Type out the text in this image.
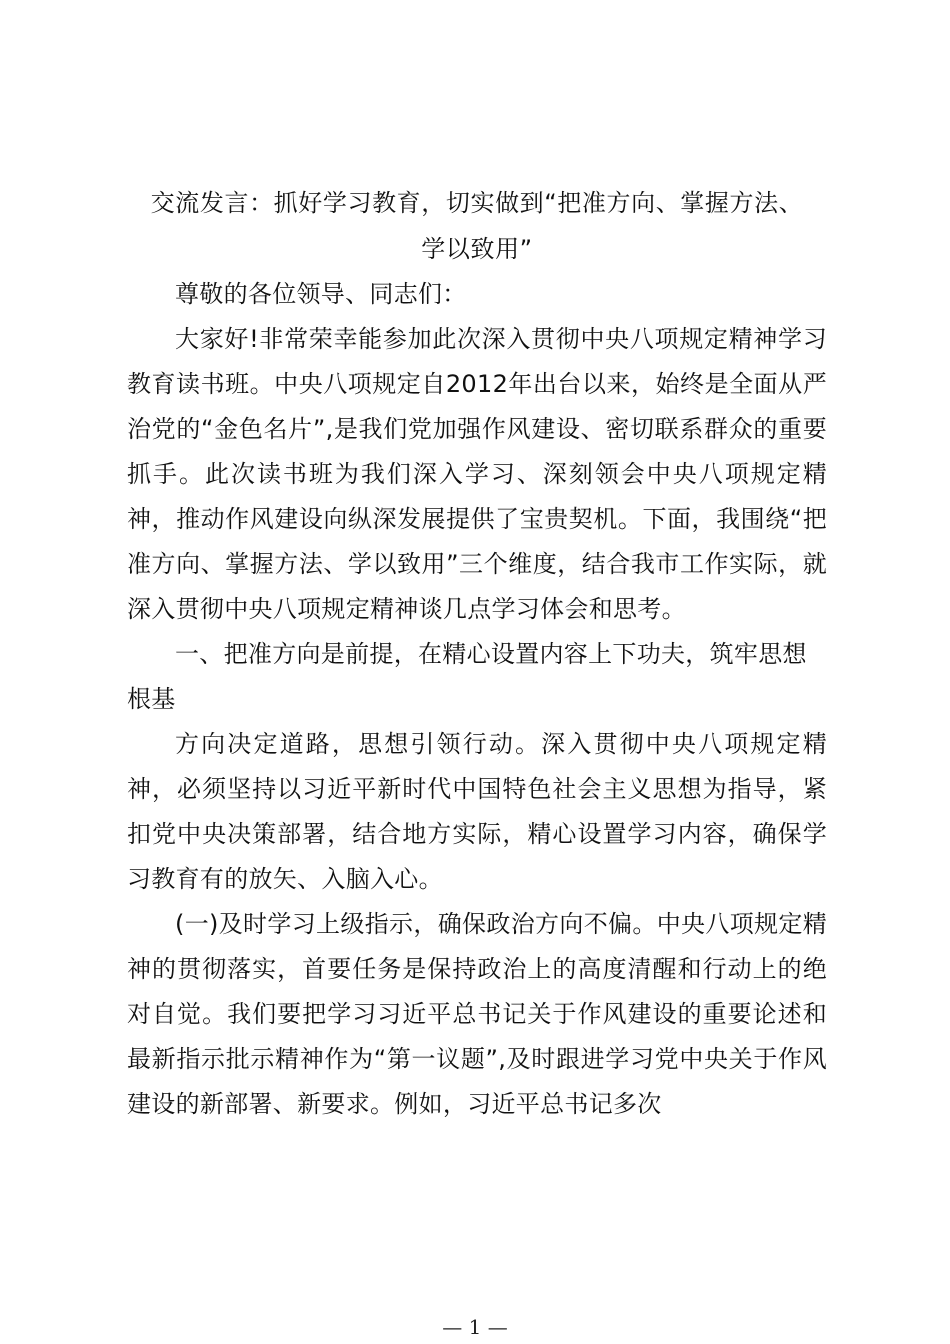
交流发言：抓好学习教育，切实做到“把准方向、掌握方法、
学以致用”

尊敬的各位领导、同志们：

大家好!非常荣幸能参加此次深入贯彻中央八项规定精神学习教育读书班。中央八项规定自2012年出台以来，始终是全面从严治党的“金色名片”,是我们党加强作风建设、密切联系群众的重要抓手。此次读书班为我们深入学习、深刻领会中央八项规定精神，推动作风建设向纵深发展提供了宝贵契机。下面，我围绕“把准方向、掌握方法、学以致用”三个维度，结合我市工作实际，就深入贯彻中央八项规定精神谈几点学习体会和思考。

一、把准方向是前提，在精心设置内容上下功夫，筑牢思想根基

方向决定道路，思想引领行动。深入贯彻中央八项规定精神，必须坚持以习近平新时代中国特色社会主义思想为指导，紧扣党中央决策部署，结合地方实际，精心设置学习内容，确保学习教育有的放矢、入脑入心。

(一)及时学习上级指示，确保政治方向不偏。中央八项规定精神的贯彻落实，首要任务是保持政治上的高度清醒和行动上的绝对自觉。我们要把学习习近平总书记关于作风建设的重要论述和最新指示批示精神作为“第一议题”,及时跟进学习党中央关于作风建设的新部署、新要求。例如，习近平总书记多次

— 1 —
